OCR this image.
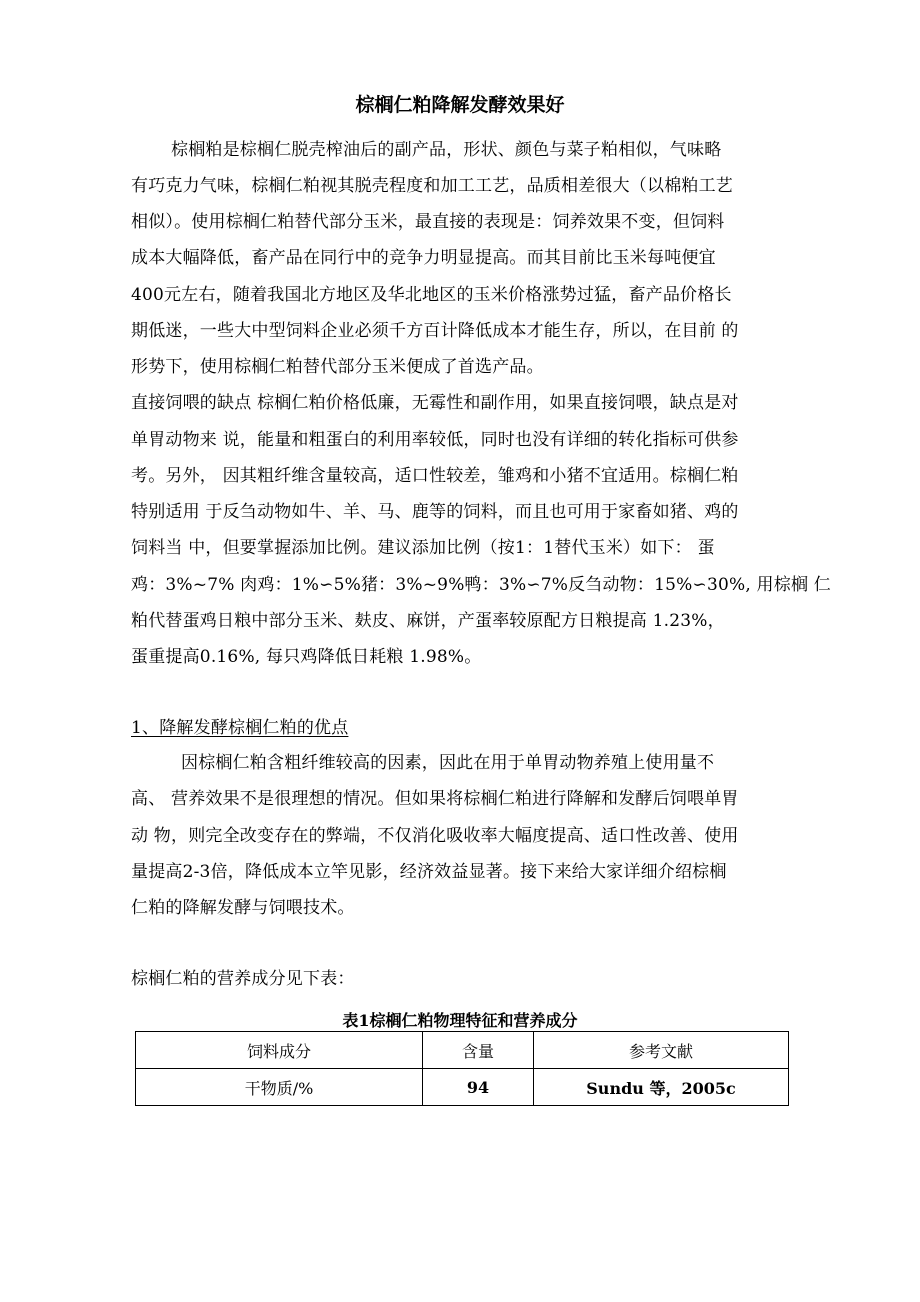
棕榈仁粕降解发酵效果好
棕榈粕是棕榈仁脱壳榨油后的副产品，形状、颜色与菜子粕相似，气味略
有巧克力气味，棕榈仁粕视其脱壳程度和加工工艺，品质相差很大（以棉粕工艺
相似）。使用棕榈仁粕替代部分玉米，最直接的表现是：饲养效果不变，但饲料
成本大幅降低，畜产品在同行中的竞争力明显提高。而其目前比玉米每吨便宜
400元左右，随着我国北方地区及华北地区的玉米价格涨势过猛，畜产品价格长
期低迷，一些大中型饲料企业必须千方百计降低成本才能生存，所以，在目前 的
形势下，使用棕榈仁粕替代部分玉米便成了首选产品。
直接饲喂的缺点 棕榈仁粕价格低廉，无霉性和副作用，如果直接饲喂，缺点是对
单胃动物来 说，能量和粗蛋白的利用率较低，同时也没有详细的转化指标可供参
考。另外， 因其粗纤维含量较高，适口性较差，雏鸡和小猪不宜适用。棕榈仁粕
特别适用 于反刍动物如牛、羊、马、鹿等的饲料，而且也可用于家畜如猪、鸡的
饲料当 中，但要掌握添加比例。建议添加比例（按1：1替代玉米）如下： 蛋
鸡：3%~7% 肉鸡：1%∽5%猪：3%~9%鸭：3%∽7%反刍动物：15%∽30%, 用棕榈 仁
粕代替蛋鸡日粮中部分玉米、麸皮、麻饼，产蛋率较原配方日粮提高 1.23%，
蛋重提高0.16%, 每只鸡降低日耗粮 1.98%。
1、降解发酵棕榈仁粕的优点
因棕榈仁粕含粗纤维较高的因素，因此在用于单胃动物养殖上使用量不
高、 营养效果不是很理想的情况。但如果将棕榈仁粕进行降解和发酵后饲喂单胃
动 物，则完全改变存在的弊端，不仅消化吸收率大幅度提高、适口性改善、使用
量提高2-3倍，降低成本立竿见影，经济效益显著。接下来给大家详细介绍棕榈
仁粕的降解发酵与饲喂技术。
棕榈仁粕的营养成分见下表：
表1棕榈仁粕物理特征和营养成分
饲料成分	含量	参考文献
干物质/%	94	Sundu 等，2005c
